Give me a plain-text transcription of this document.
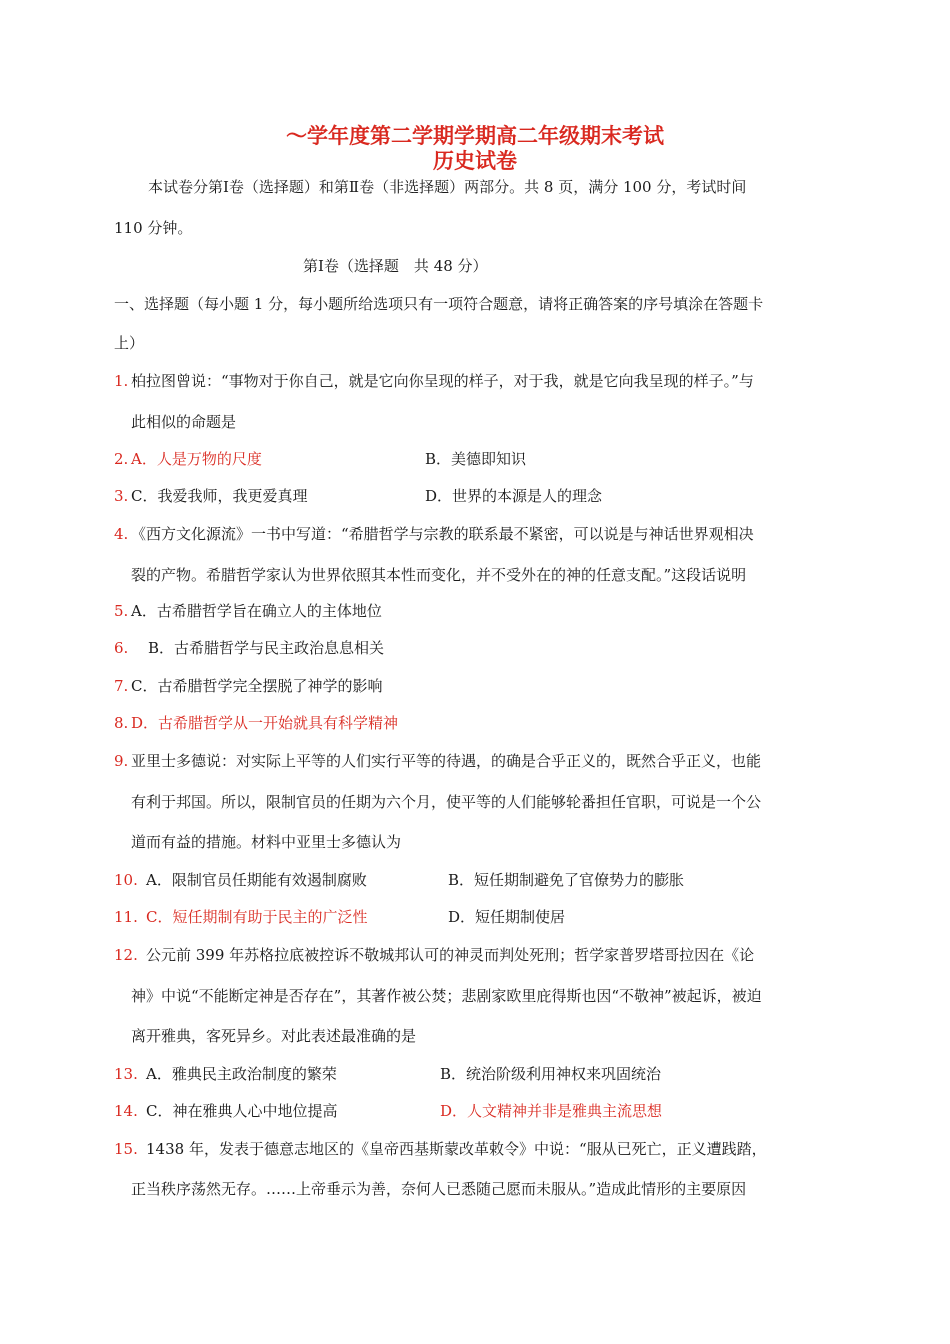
～学年度第二学期学期高二年级期末考试
历史试卷
本试卷分第Ⅰ卷（选择题）和第Ⅱ卷（非选择题）两部分。共 8 页，满分 100 分，考试时间
110 分钟。
第Ⅰ卷（选择题　共 48 分）
一、选择题（每小题 1 分，每小题所给选项只有一项符合题意，请将正确答案的序号填涂在答题卡
上）
1. 柏拉图曾说：“事物对于你自己，就是它向你呈现的样子，对于我，就是它向我呈现的样子。”与
此相似的命题是
2. A．人是万物的尺度	B．美德即知识
3. C．我爱我师，我更爱真理	D．世界的本源是人的理念
4. 《西方文化源流》一书中写道：“希腊哲学与宗教的联系最不紧密，可以说是与神话世界观相决
裂的产物。希腊哲学家认为世界依照其本性而变化，并不受外在的神的任意支配。”这段话说明
5. A．古希腊哲学旨在确立人的主体地位
6. B．古希腊哲学与民主政治息息相关
7. C．古希腊哲学完全摆脱了神学的影响
8. D．古希腊哲学从一开始就具有科学精神
9. 亚里士多德说：对实际上平等的人们实行平等的待遇，的确是合乎正义的，既然合乎正义，也能
有利于邦国。所以，限制官员的任期为六个月，使平等的人们能够轮番担任官职，可说是一个公
道而有益的措施。材料中亚里士多德认为
10. A．限制官员任期能有效遏制腐败	B．短任期制避免了官僚势力的膨胀
11. C．短任期制有助于民主的广泛性	D．短任期制使居
12. 公元前 399 年苏格拉底被控诉不敬城邦认可的神灵而判处死刑；哲学家普罗塔哥拉因在《论
神》中说“不能断定神是否存在”，其著作被公焚；悲剧家欧里庇得斯也因“不敬神”被起诉，被迫
离开雅典，客死异乡。对此表述最准确的是
13. A．雅典民主政治制度的繁荣	B．统治阶级利用神权来巩固统治
14. C．神在雅典人心中地位提高	D．人文精神并非是雅典主流思想
15. 1438 年，发表于德意志地区的《皇帝西基斯蒙改革敕令》中说：“服从已死亡，正义遭践踏，
正当秩序荡然无存。……上帝垂示为善，奈何人已悉随己愿而未服从。”造成此情形的主要原因
